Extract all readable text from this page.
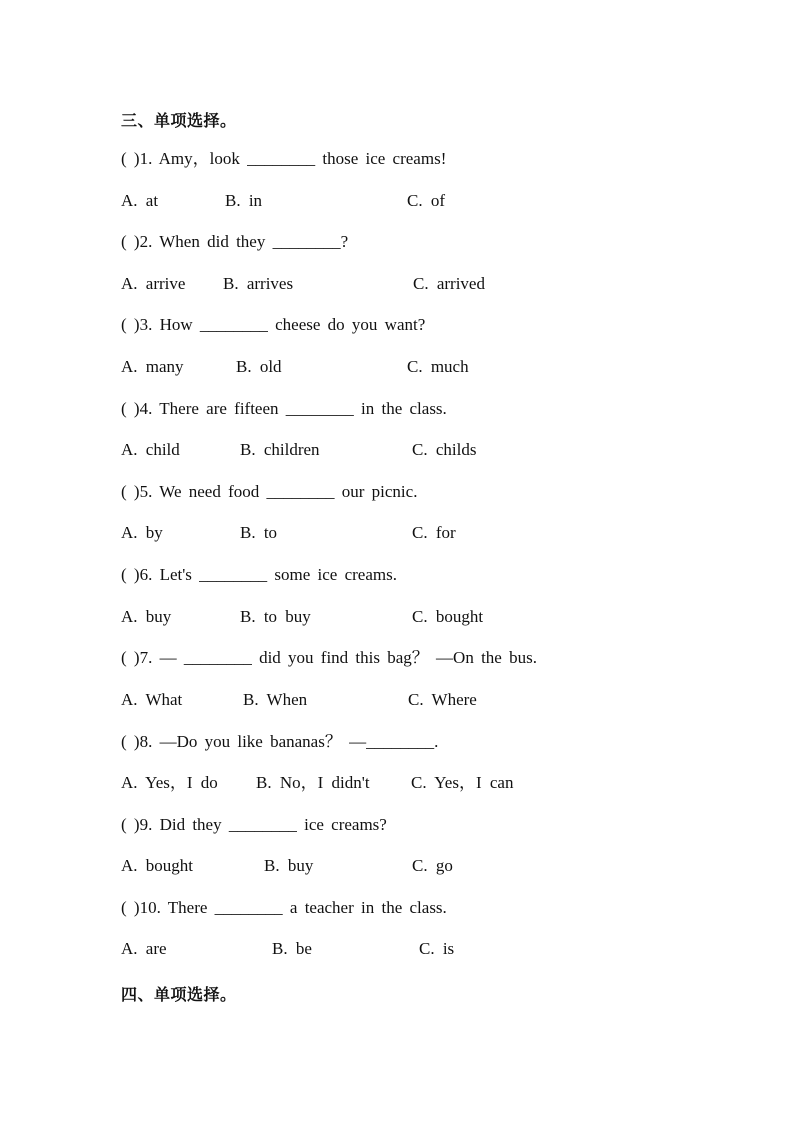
三、单项选择。
( )1. Amy，look ________ those ice creams!
A. at	B. in	C. of
( )2. When did they ________?
A. arrive B. arrives	C. arrived
( )3. How ________ cheese do you want?
A. many	B. old	C. much
( )4. There are fifteen ________ in the class.
A. child	B. children	C. childs
( )5. We need food ________ our picnic.
A. by	B. to	C. for
( )6. Let's ________ some ice creams.
A. buy	B. to buy	C. bought
( )7. — ________ did you find this bag？ —On the bus.
A. What	B. When	C. Where
( )8. —Do you like bananas？ —________.
A. Yes，I do B. No，I didn't C. Yes，I can
( )9. Did they ________ ice creams?
A. bought	B. buy	C. go
( )10. There ________ a teacher in the class.
A. are	B. be	C. is
四、单项选择。
